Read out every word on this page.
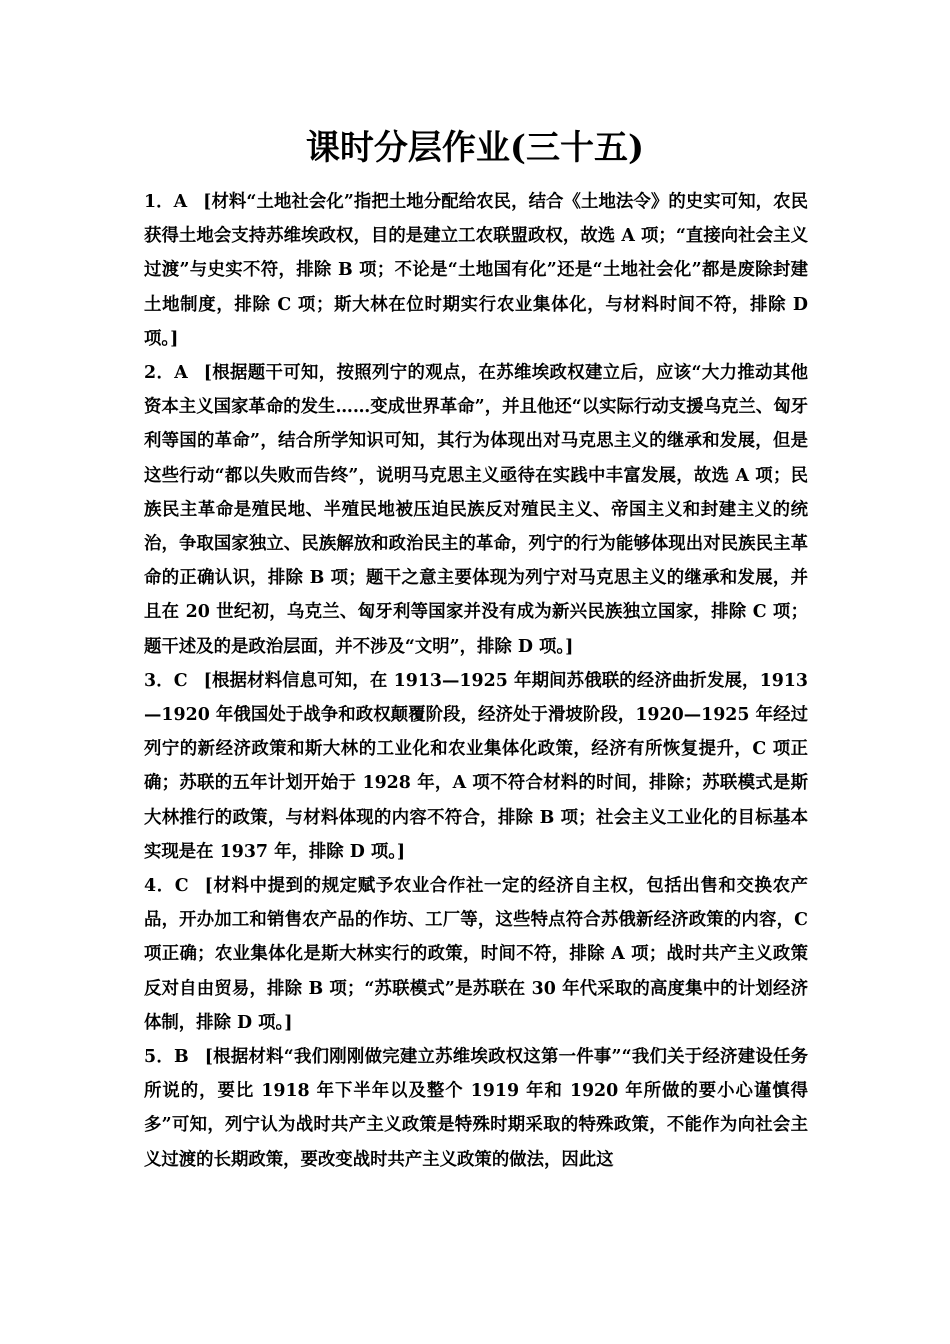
课时分层作业(三十五)

1．A [材料“土地社会化”指把土地分配给农民，结合《土地法令》的史实可知，农民获得土地会支持苏维埃政权，目的是建立工农联盟政权，故选 A 项；“直接向社会主义过渡”与史实不符，排除 B 项；不论是“土地国有化”还是“土地社会化”都是废除封建土地制度，排除 C 项；斯大林在位时期实行农业集体化，与材料时间不符，排除 D 项。]

2．A [根据题干可知，按照列宁的观点，在苏维埃政权建立后，应该“大力推动其他资本主义国家革命的发生……变成世界革命”，并且他还“以实际行动支援乌克兰、匈牙利等国的革命”，结合所学知识可知，其行为体现出对马克思主义的继承和发展，但是这些行动“都以失败而告终”，说明马克思主义亟待在实践中丰富发展，故选 A 项；民族民主革命是殖民地、半殖民地被压迫民族反对殖民主义、帝国主义和封建主义的统治，争取国家独立、民族解放和政治民主的革命，列宁的行为能够体现出对民族民主革命的正确认识，排除 B 项；题干之意主要体现为列宁对马克思主义的继承和发展，并且在 20 世纪初，乌克兰、匈牙利等国家并没有成为新兴民族独立国家，排除 C 项；题干述及的是政治层面，并不涉及“文明”，排除 D 项。]

3．C [根据材料信息可知，在 1913—1925 年期间苏俄联的经济曲折发展，1913—1920 年俄国处于战争和政权颠覆阶段，经济处于滑坡阶段，1920—1925 年经过列宁的新经济政策和斯大林的工业化和农业集体化政策，经济有所恢复提升，C 项正确；苏联的五年计划开始于 1928 年，A 项不符合材料的时间，排除；苏联模式是斯大林推行的政策，与材料体现的内容不符合，排除 B 项；社会主义工业化的目标基本实现是在 1937 年，排除 D 项。]

4．C [材料中提到的规定赋予农业合作社一定的经济自主权，包括出售和交换农产品，开办加工和销售农产品的作坊、工厂等，这些特点符合苏俄新经济政策的内容，C 项正确；农业集体化是斯大林实行的政策，时间不符，排除 A 项；战时共产主义政策反对自由贸易，排除 B 项；“苏联模式”是苏联在 30 年代采取的高度集中的计划经济体制，排除 D 项。]

5．B [根据材料“我们刚刚做完建立苏维埃政权这第一件事”“我们关于经济建设任务所说的，要比 1918 年下半年以及整个 1919 年和 1920 年所做的要小心谨慎得多”可知，列宁认为战时共产主义政策是特殊时期采取的特殊政策，不能作为向社会主义过渡的长期政策，要改变战时共产主义政策的做法，因此这
